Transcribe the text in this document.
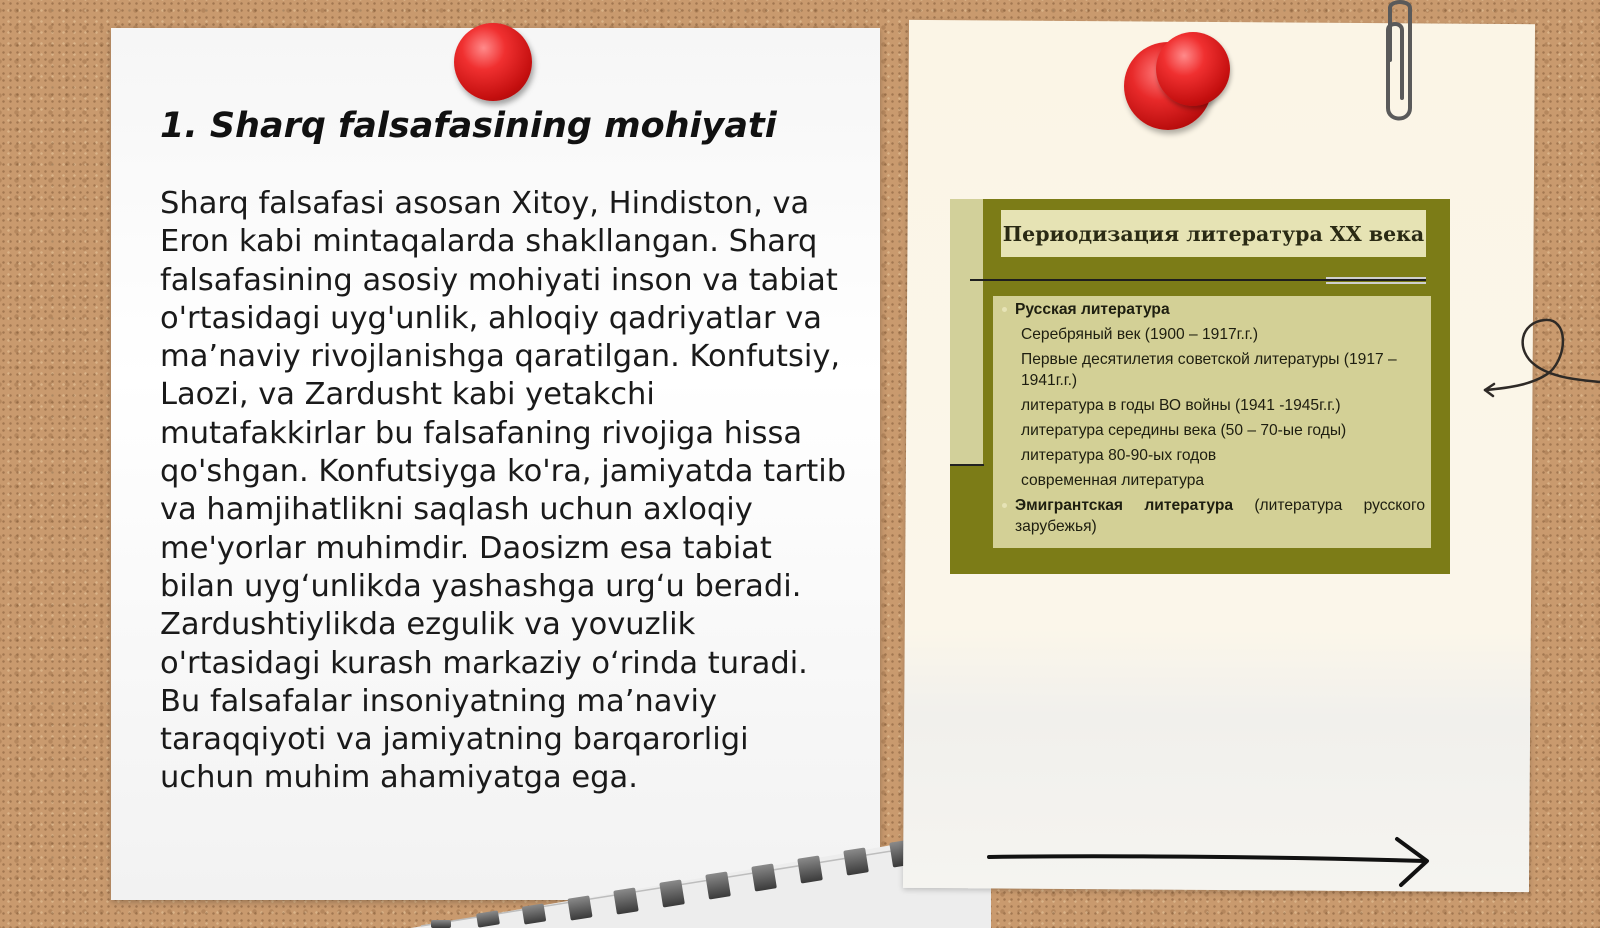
1. Sharq falsafasining mohiyati

Sharq falsafasi asosan Xitoy, Hindiston, va Eron kabi mintaqalarda shakllangan. Sharq falsafasining asosiy mohiyati inson va tabiat o'rtasidagi uyg'unlik, ahloqiy qadriyatlar va ma’naviy rivojlanishga qaratilgan. Konfutsiy, Laozi, va Zardusht kabi yetakchi mutafakkirlar bu falsafaning rivojiga hissa qo'shgan. Konfutsiyga ko'ra, jamiyatda tartib va hamjihatlikni saqlash uchun axloqiy me'yorlar muhimdir. Daosizm esa tabiat bilan uyg‘unlikda yashashga urg‘u beradi. Zardushtiylikda ezgulik va yovuzlik o'rtasidagi kurash markaziy o‘rinda turadi. Bu falsafalar insoniyatning ma’naviy taraqqiyoti va jamiyatning barqarorligi uchun muhim ahamiyatga ega.

Периодизация литература XX века
Русская литература
Серебряный век (1900 – 1917г.г.)
Первые десятилетия советской литературы (1917 – 1941г.г.)
литература в годы ВО войны (1941 -1945г.г.)
литература середины века (50 – 70-ые годы)
литература 80-90-ых годов
современная литература
Эмигрантская литература (литература русского зарубежья)
